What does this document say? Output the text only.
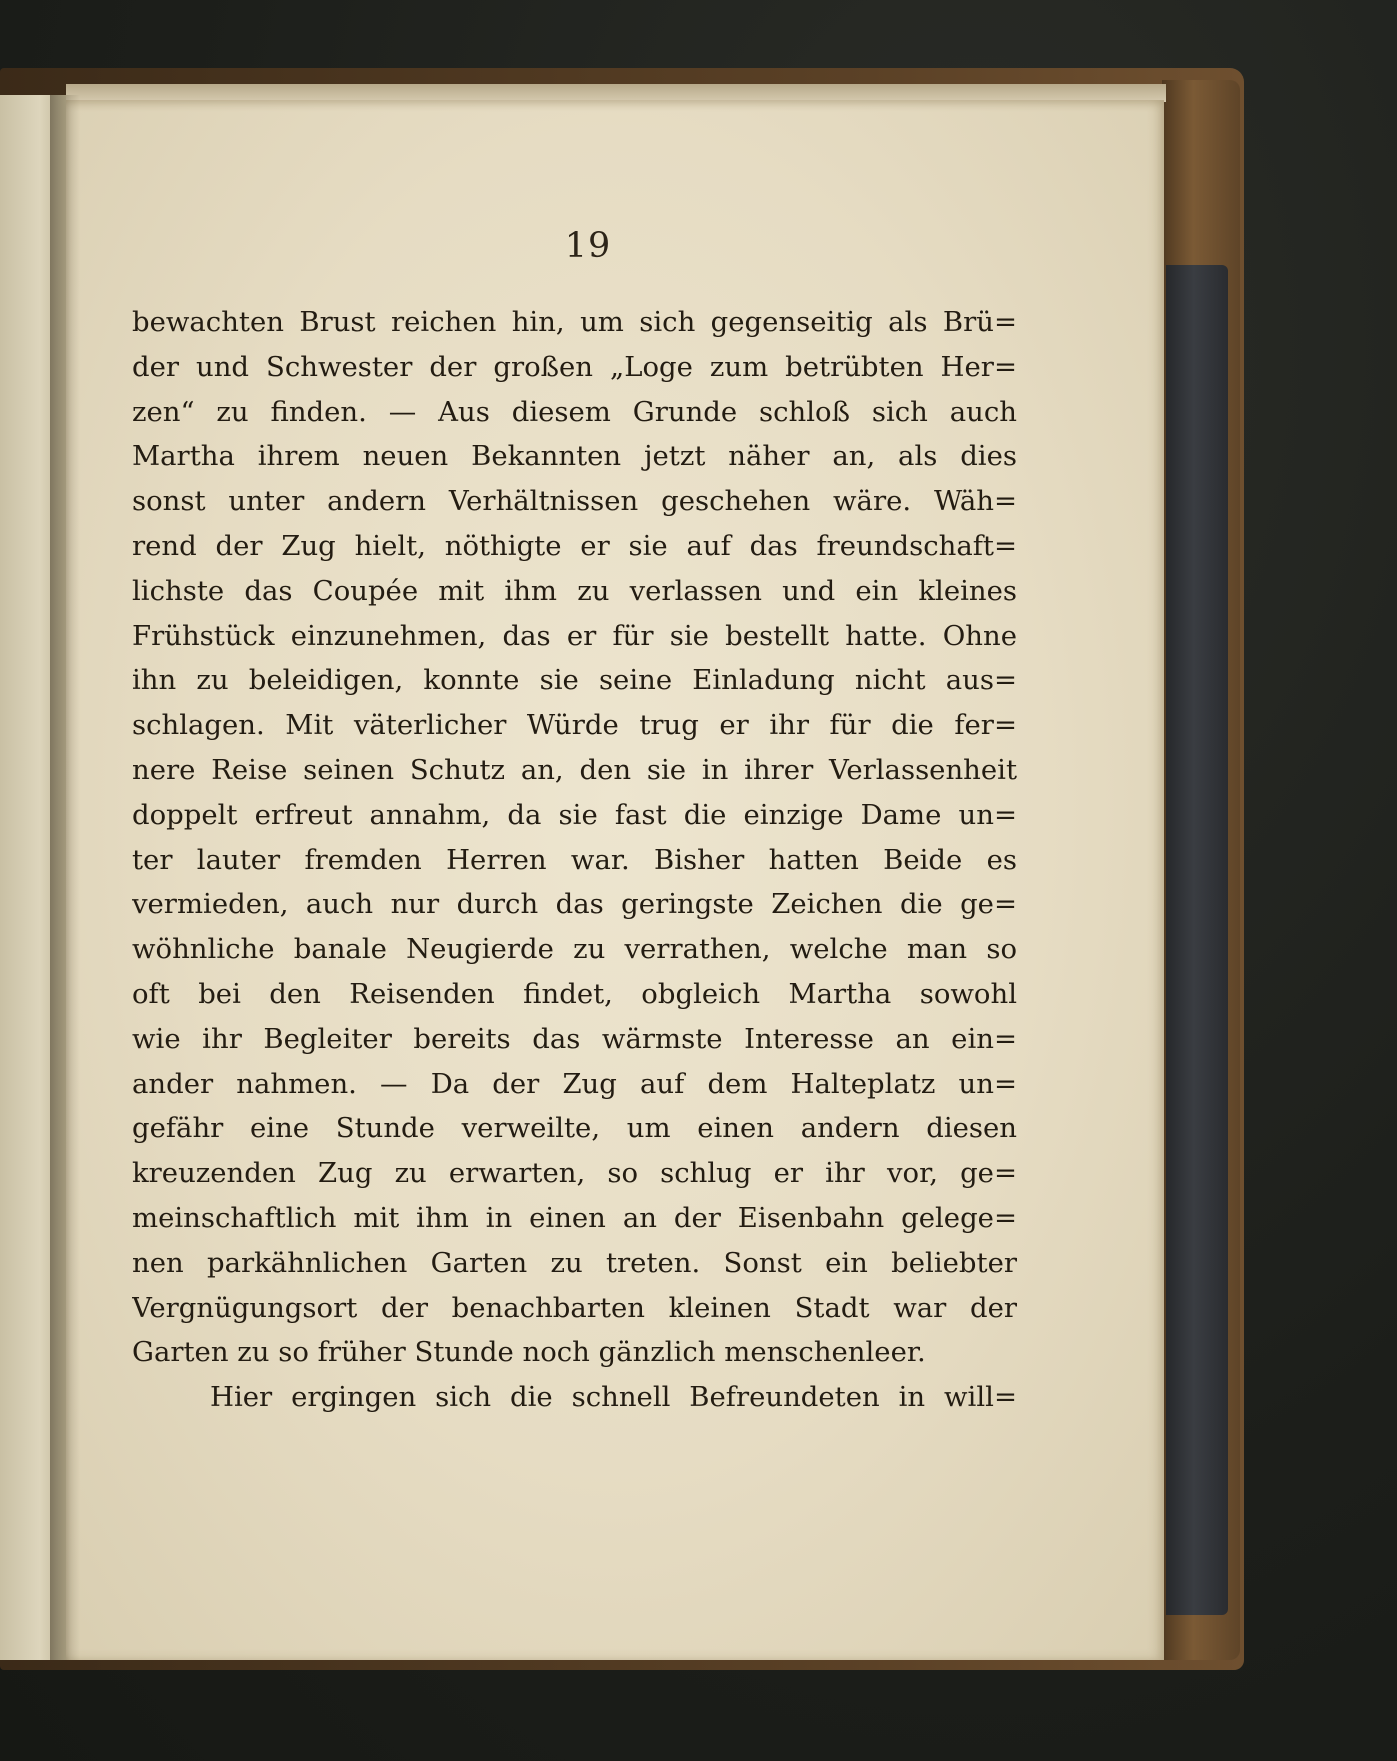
19
bewachten Brust reichen hin, um sich gegenseitig als Brü=
der und Schwester der großen „Loge zum betrübten Her=
zen“ zu finden. — Aus diesem Grunde schloß sich auch
Martha ihrem neuen Bekannten jetzt näher an, als dies
sonst unter andern Verhältnissen geschehen wäre. Wäh=
rend der Zug hielt, nöthigte er sie auf das freundschaft=
lichste das Coupée mit ihm zu verlassen und ein kleines
Frühstück einzunehmen, das er für sie bestellt hatte. Ohne
ihn zu beleidigen, konnte sie seine Einladung nicht aus=
schlagen. Mit väterlicher Würde trug er ihr für die fer=
nere Reise seinen Schutz an, den sie in ihrer Verlassenheit
doppelt erfreut annahm, da sie fast die einzige Dame un=
ter lauter fremden Herren war. Bisher hatten Beide es
vermieden, auch nur durch das geringste Zeichen die ge=
wöhnliche banale Neugierde zu verrathen, welche man so
oft bei den Reisenden findet, obgleich Martha sowohl
wie ihr Begleiter bereits das wärmste Interesse an ein=
ander nahmen. — Da der Zug auf dem Halteplatz un=
gefähr eine Stunde verweilte, um einen andern diesen
kreuzenden Zug zu erwarten, so schlug er ihr vor, ge=
meinschaftlich mit ihm in einen an der Eisenbahn gelege=
nen parkähnlichen Garten zu treten. Sonst ein beliebter
Vergnügungsort der benachbarten kleinen Stadt war der
Garten zu so früher Stunde noch gänzlich menschenleer.
Hier ergingen sich die schnell Befreundeten in will=
